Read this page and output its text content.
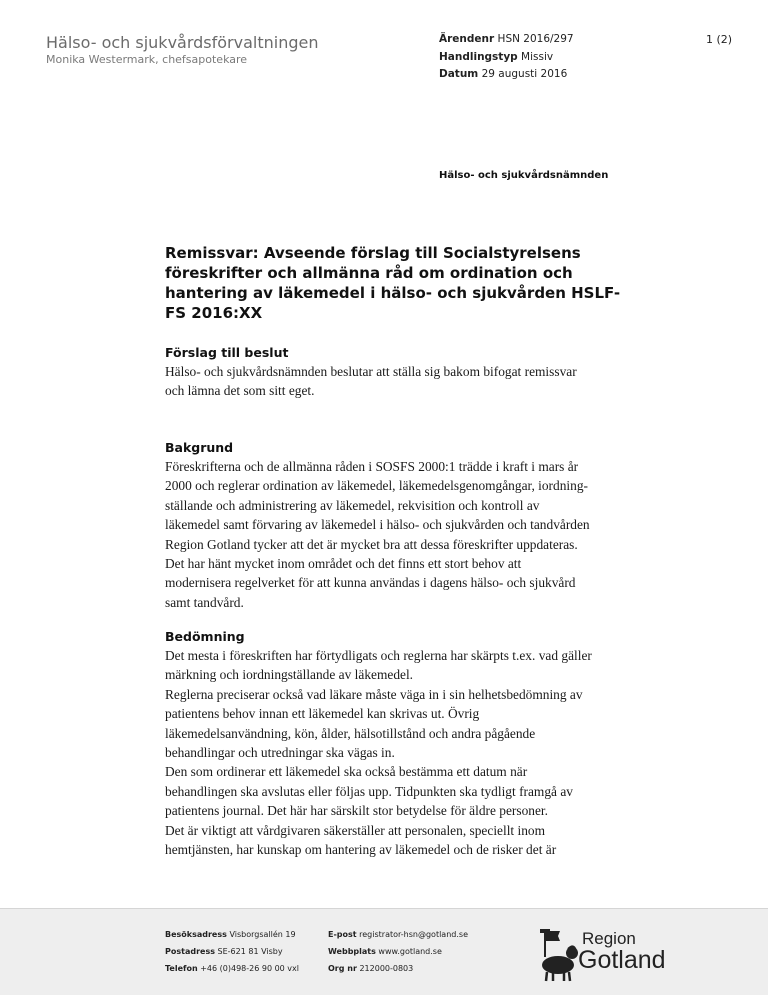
Hälso- och sjukvårdsförvaltningen
Monika Westermark, chefsapotekare
Ärendenr HSN 2016/297
Handlingstyp Missiv
Datum 29 augusti 2016
1 (2)
Hälso- och sjukvårdsnämnden
Remissvar: Avseende förslag till Socialstyrelsens föreskrifter och allmänna råd om ordination och hantering av läkemedel i hälso- och sjukvården HSLF-FS 2016:XX
Förslag till beslut

Hälso- och sjukvårdsnämnden beslutar att ställa sig bakom bifogat remissvar

och lämna det som sitt eget.

Bakgrund

Föreskrifterna och de allmänna råden i SOSFS 2000:1 trädde i kraft i mars år

2000 och reglerar ordination av läkemedel, läkemedelsgenomgångar, iordning-

ställande och administrering av läkemedel, rekvisition och kontroll av

läkemedel samt förvaring av läkemedel i hälso- och sjukvården och tandvården

Region Gotland tycker att det är mycket bra att dessa föreskrifter uppdateras.

Det har hänt mycket inom området och det finns ett stort behov att

modernisera regelverket för att kunna användas i dagens hälso- och sjukvård

samt tandvård.

Bedömning

Det mesta i föreskriften har förtydligats och reglerna har skärpts t.ex. vad gäller

märkning och iordningställande av läkemedel.

Reglerna preciserar också vad läkare måste väga in i sin helhetsbedömning av

patientens behov innan ett läkemedel kan skrivas ut. Övrig

läkemedelsanvändning, kön, ålder, hälsotillstånd och andra pågående

behandlingar och utredningar ska vägas in.

Den som ordinerar ett läkemedel ska också bestämma ett datum när

behandlingen ska avslutas eller följas upp. Tidpunkten ska tydligt framgå av

patientens journal. Det här har särskilt stor betydelse för äldre personer.

Det är viktigt att vårdgivaren säkerställer att personalen, speciellt inom

hemtjänsten, har kunskap om hantering av läkemedel och de risker det är

Besöksadress Visborgsallén 19
Postadress SE-621 81 Visby
Telefon +46 (0)498-26 90 00 vxl
E-post registrator-hsn@gotland.se
Webbplats www.gotland.se
Org nr 212000-0803
Region
Gotland
